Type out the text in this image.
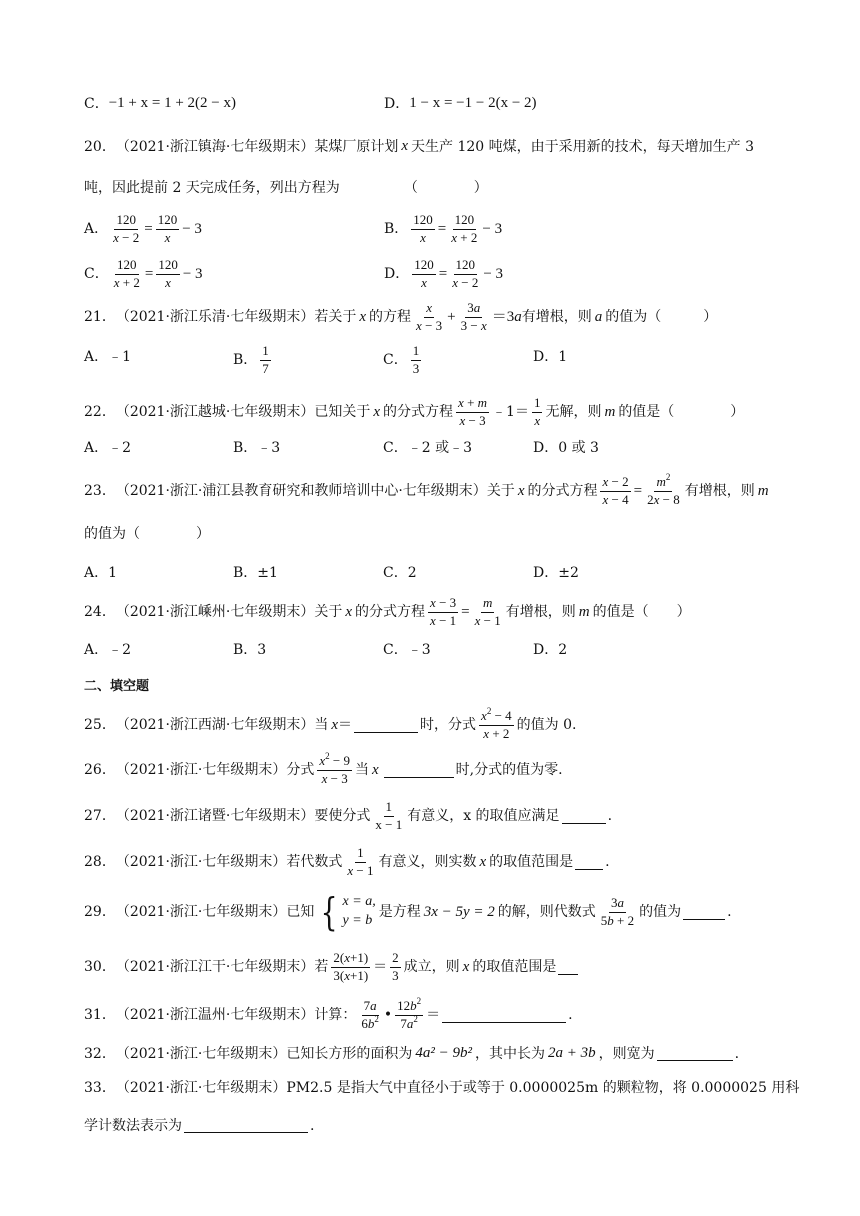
C． −1 + x = 1 + 2(2 − x)	D． 1 − x = −1 − 2(x − 2)
20． （2021·浙江镇海·七年级期末） 某煤厂原计划 x 天生产 120 吨煤，由于采用新的技术，每天增加生产 3
吨，因此提前 2 天完成任务，列出方程为	（　　　　）
A． $\frac{120}{x - 2} = \frac{120}{x} - 3$	B． $\frac{120}{x} = \frac{120}{x + 2} - 3$
C． $\frac{120}{x + 2} = \frac{120}{x} - 3$	D． $\frac{120}{x} = \frac{120}{x - 2} - 3$
21． （2021·浙江乐清·七年级期末） 若关于 x 的方程 $\frac{x}{x - 3} + \frac{3a}{3 - x} =3a$ 有增根，则 a 的值为（　　　）
A．﹣1	B． $\frac{1}{7}$	C． $\frac{1}{3}$	D．1
22． （2021·浙江越城·七年级期末） 已知关于 x 的分式方程 $\frac{x + m}{x - 3}$ ﹣1＝ $\frac{1}{x}$ 无解，则 m 的值是（　　　　）
A．﹣2	B．﹣3	C．﹣2 或﹣3	D．0 或 3
23． （2021·浙江·浦江县教育研究和教师培训中心·七年级期末） 关于 x 的分式方程 $\frac{x - 2}{x - 4} = \frac{m^2}{2x - 8}$ 有增根，则 m
的值为（　　　　）
A．1	B．±1	C．2	D．±2
24． （2021·浙江嵊州·七年级期末） 关于 x 的分式方程 $\frac{x - 3}{x - 1} = \frac{m}{x - 1}$ 有增根，则 m 的值是（　　）
A．﹣2	B．3	C．﹣3	D．2
二、填空题
25． （2021·浙江西湖·七年级期末） 当 x ＝	时，分式 $\frac{x^2 - 4}{x + 2}$ 的值为 0.
26． （2021·浙江·七年级期末） 分式 $\frac{x^2 - 9}{x - 3}$ 当 x	时,分式的值为零.
27． （2021·浙江诸暨·七年级期末） 要使分式 $\frac{1}{x - 1}$ 有意义，x 的取值应满足	.
28． （2021·浙江·七年级期末） 若代数式 $\frac{1}{x - 1}$ 有意义，则实数 x 的取值范围是 .
29． （2021·浙江·七年级期末） 已知 { x = a,
y = b
是方程 3x − 5y = 2 的解，则代数式 $\frac{3a}{5b + 2}$ 的值为	.
30． （2021·浙江江干·七年级期末） 若 $\frac{2(x+1)}{3(x+1)} = \frac{2}{3}$ 成立，则 x 的取值范围是
31． （2021·浙江温州·七年级期末） 计算： $\frac{7a}{6b^2}$ • $\frac{12b^2}{7a^2}$ ＝	.
32． （2021·浙江·七年级期末） 已知长方形的面积为 4a² − 9b² ，其中长为 2a + 3b ，则宽为	.
33． （2021·浙江·七年级期末） PM2.5 是指大气中直径小于或等于 0.0000025m 的颗粒物，将 0.0000025 用科
学计数法表示为	.
